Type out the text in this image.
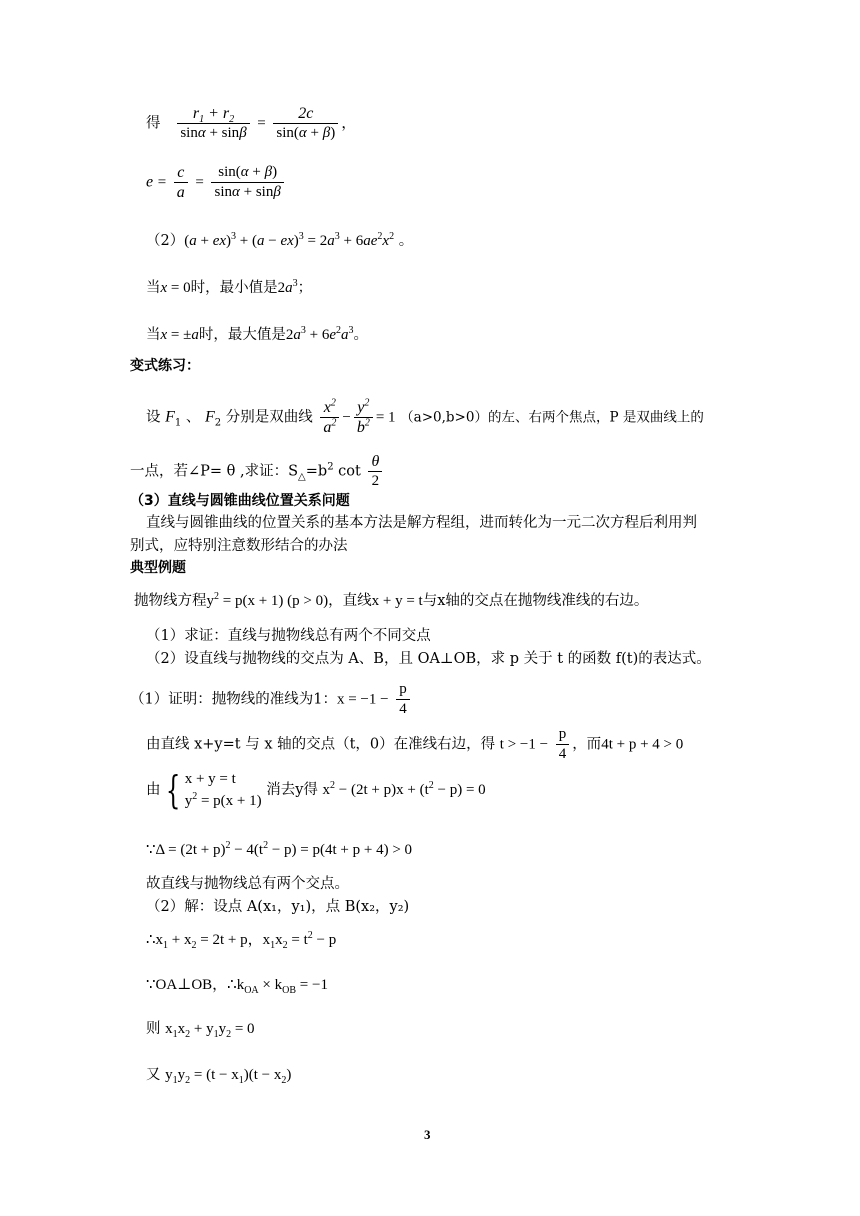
得 $\frac{r_1 + r_2}{\sin\alpha + \sin\beta} = \frac{2c}{\sin(\alpha + \beta)}$ ，
$e = \frac{c}{a} = \frac{\sin(\alpha + \beta)}{\sin\alpha + \sin\beta}$
$(2)(a + ex)^3 + (a - ex)^3 = 2a^3 + 6ae^2x^2$ 。
当x = 0时，最小值是$2a^3$；
当x = ±a时，最大值是$2a^3 + 6e^2a^3$。
变式练习：
设 $F_1$ 、 $F_2$ 分别是双曲线 $\frac{x^2}{a^2} - \frac{y^2}{b^2} = 1$ （a>0,b>0）的左、右两个焦点，P 是双曲线上的
一点，若∠P= θ ,求证：$S_\triangle=b^2$ $\cot \frac{\theta}{2}$
（3）直线与圆锥曲线位置关系问题
直线与圆锥曲线的位置关系的基本方法是解方程组，进而转化为一元二次方程后利用判
别式，应特别注意数形结合的办法
典型例题
抛物线方程$y^2 = p(x + 1) (p > 0)$，直线x + y = t与x轴的交点在抛物线准线的右边。
（1）求证：直线与抛物线总有两个不同交点
（2）设直线与抛物线的交点为 A、B，且 OA⊥OB，求 p 关于 t 的函数 f(t)的表达式。
（1）证明：抛物线的准线为1：$x = -1 - \frac{p}{4}$
由直线 x+y=t 与 x 轴的交点（t，0）在准线右边，得 $t > -1 - \frac{p}{4}$ ，而4t + p + 4 > 0
由 { x + y = t
$y^2 = p(x + 1)$ 消去y得 $x^2 - (2t + p)x + (t^2 - p) = 0$
∵Δ = $(2t + p)^2 - 4(t^2 - p) = p(4t + p + 4) > 0$
故直线与抛物线总有两个交点。
（2）解：设点 A(x₁，y₁)，点 B(x₂，y₂)
$\therefore x_1 + x_2 = 2t + p$，$x_1x_2 = t^2 - p$
∵OA⊥OB，$\therefore k_{OA} \times k_{OB} = -1$
则 $x_1x_2 + y_1y_2 = 0$
又 $y_1y_2 = (t - x_1)(t - x_2)$
3
